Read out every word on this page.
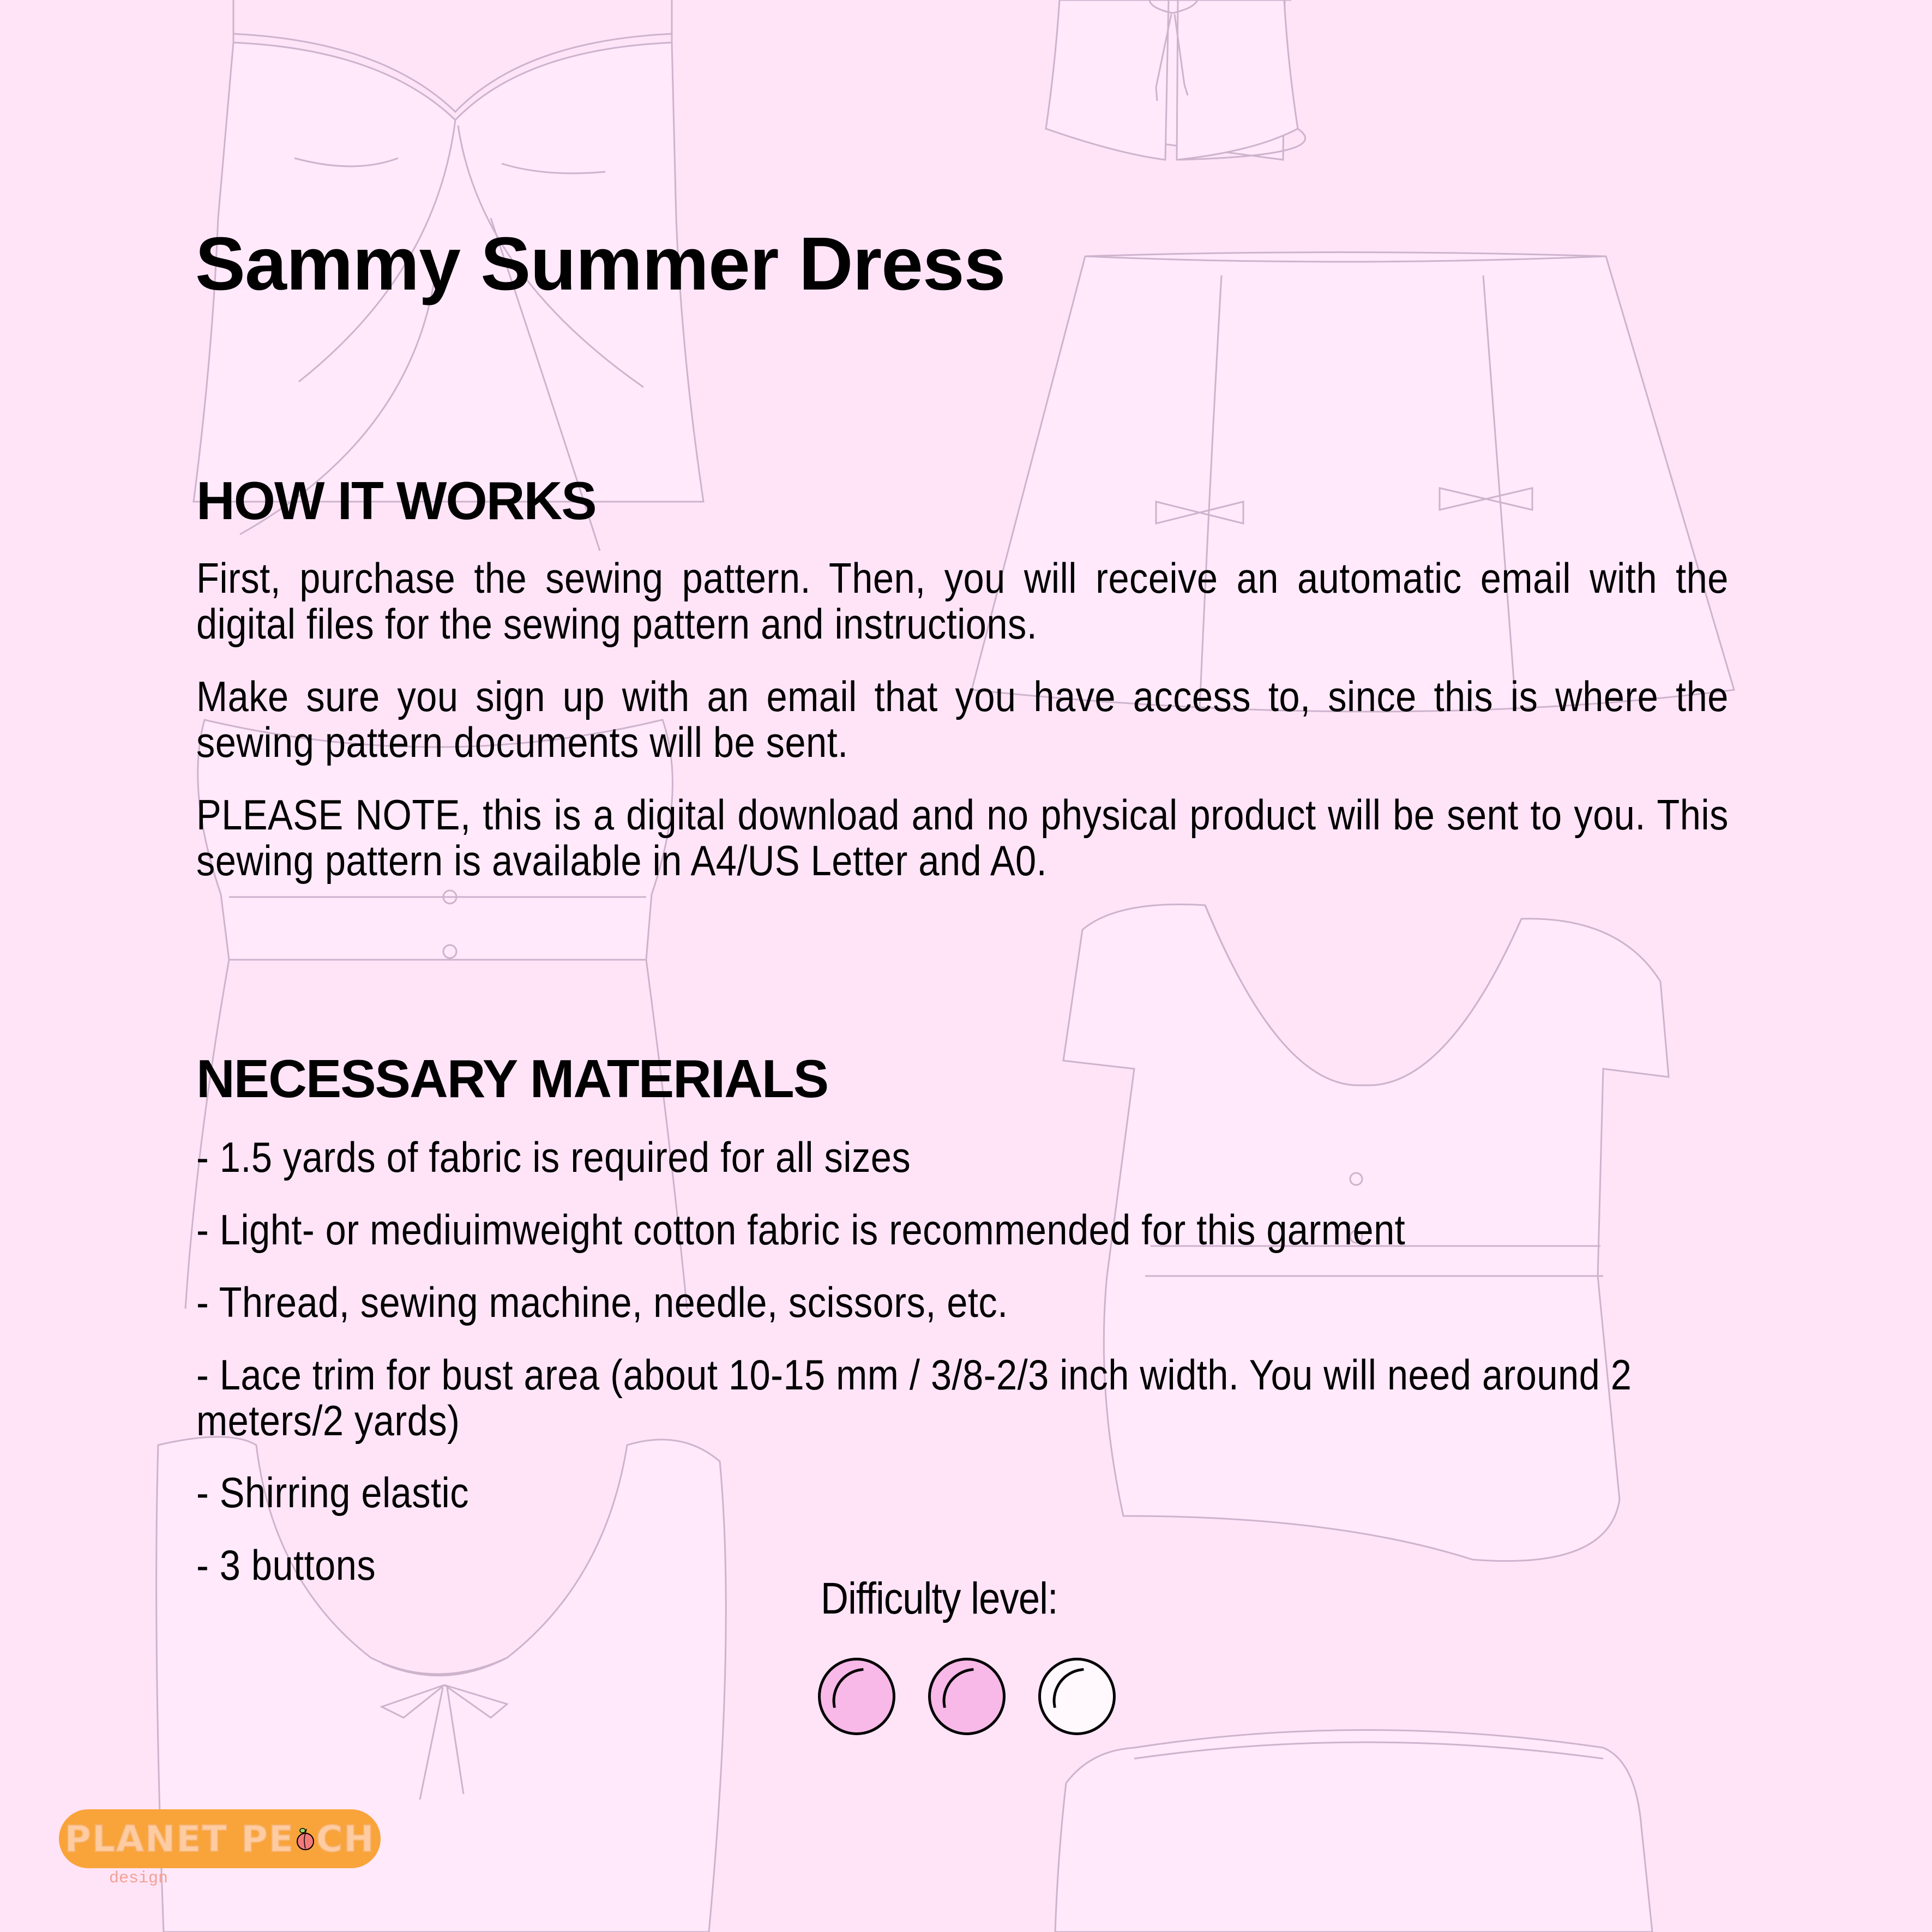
Sammy Summer Dress
HOW IT WORKS
First, purchase the sewing pattern. Then, you will receive an automatic email with the digital files for the sewing pattern and instructions.
Make sure you sign up with an email that you have access to, since this is where the sewing pattern documents will be sent.
PLEASE NOTE, this is a digital download and no physical product will be sent to you. This sewing pattern is available in A4/US Letter and A0.
NECESSARY MATERIALS
- 1.5 yards of fabric is required for all sizes
- Light- or mediuimweight cotton fabric is recommended for this garment
- Thread, sewing machine, needle, scissors, etc.
- Lace trim for bust area (about 10-15 mm / 3/8-2/3 inch width. You will need around 2 meters/2 yards)
- Shirring elastic
- 3 buttons
Difficulty level:
PLANET PE CH
design
